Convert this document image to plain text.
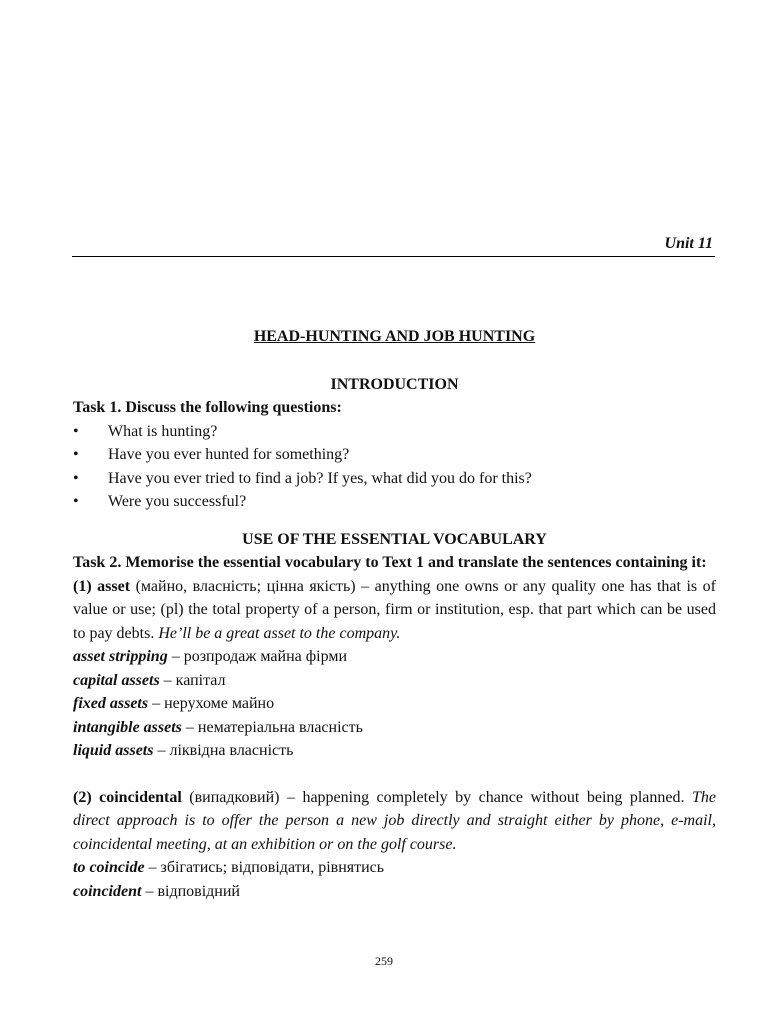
Unit 11
HEAD-HUNTING AND JOB HUNTING
INTRODUCTION

Task 1. Discuss the following questions:

• What is hunting?
• Have you ever hunted for something?
• Have you ever tried to find a job? If yes, what did you do for this?
• Were you successful?
USE OF THE ESSENTIAL VOCABULARY

Task 2. Memorise the essential vocabulary to Text 1 and translate the sentences containing it:

(1) asset (майно, власність; цінна якість) – anything one owns or any quality one has that is of value or use; (pl) the total property of a person, firm or institution, esp. that part which can be used to pay debts. He’ll be a great asset to the company.

asset stripping – розпродаж майна фірми

capital assets – капітал

fixed assets – нерухоме майно

intangible assets – нематеріальна власність

liquid assets – ліквідна власність

(2) coincidental (випадковий) – happening completely by chance without being planned. The direct approach is to offer the person a new job directly and straight either by phone, e-mail, coincidental meeting, at an exhibition or on the golf course.

to coincide – збігатись; відповідати, рівнятись

coincident – відповідний

259
